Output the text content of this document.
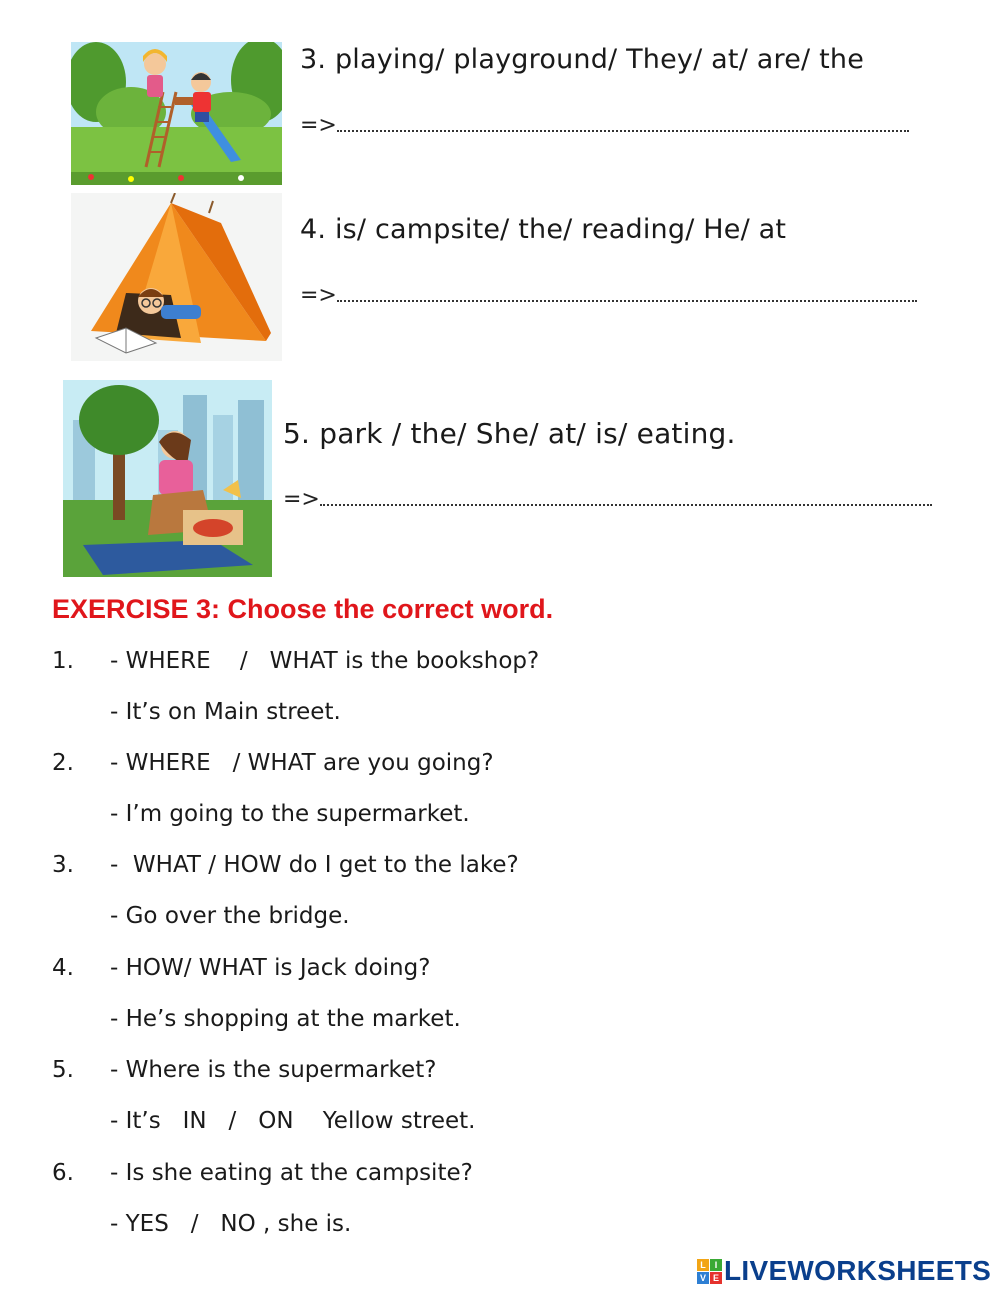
3. playing/ playground/ They/ at/ are/ the
=>
4. is/ campsite/ the/ reading/ He/ at
=>
5. park / the/ She/ at/ is/ eating.
=>
EXERCISE 3: Choose the correct word.
1. - WHERE    /   WHAT is the bookshop?
- It’s on Main street.
2. - WHERE   / WHAT are you going?
- I’m going to the supermarket.
3. -  WHAT / HOW do I get to the lake?
- Go over the bridge.
4. - HOW/ WHAT is Jack doing?
- He’s shopping at the market.
5. - Where is the supermarket?
- It’s   IN   /   ON    Yellow street.
6. - Is she eating at the campsite?
- YES   /   NO , she is.
L I
V E LIVEWORKSHEETS
